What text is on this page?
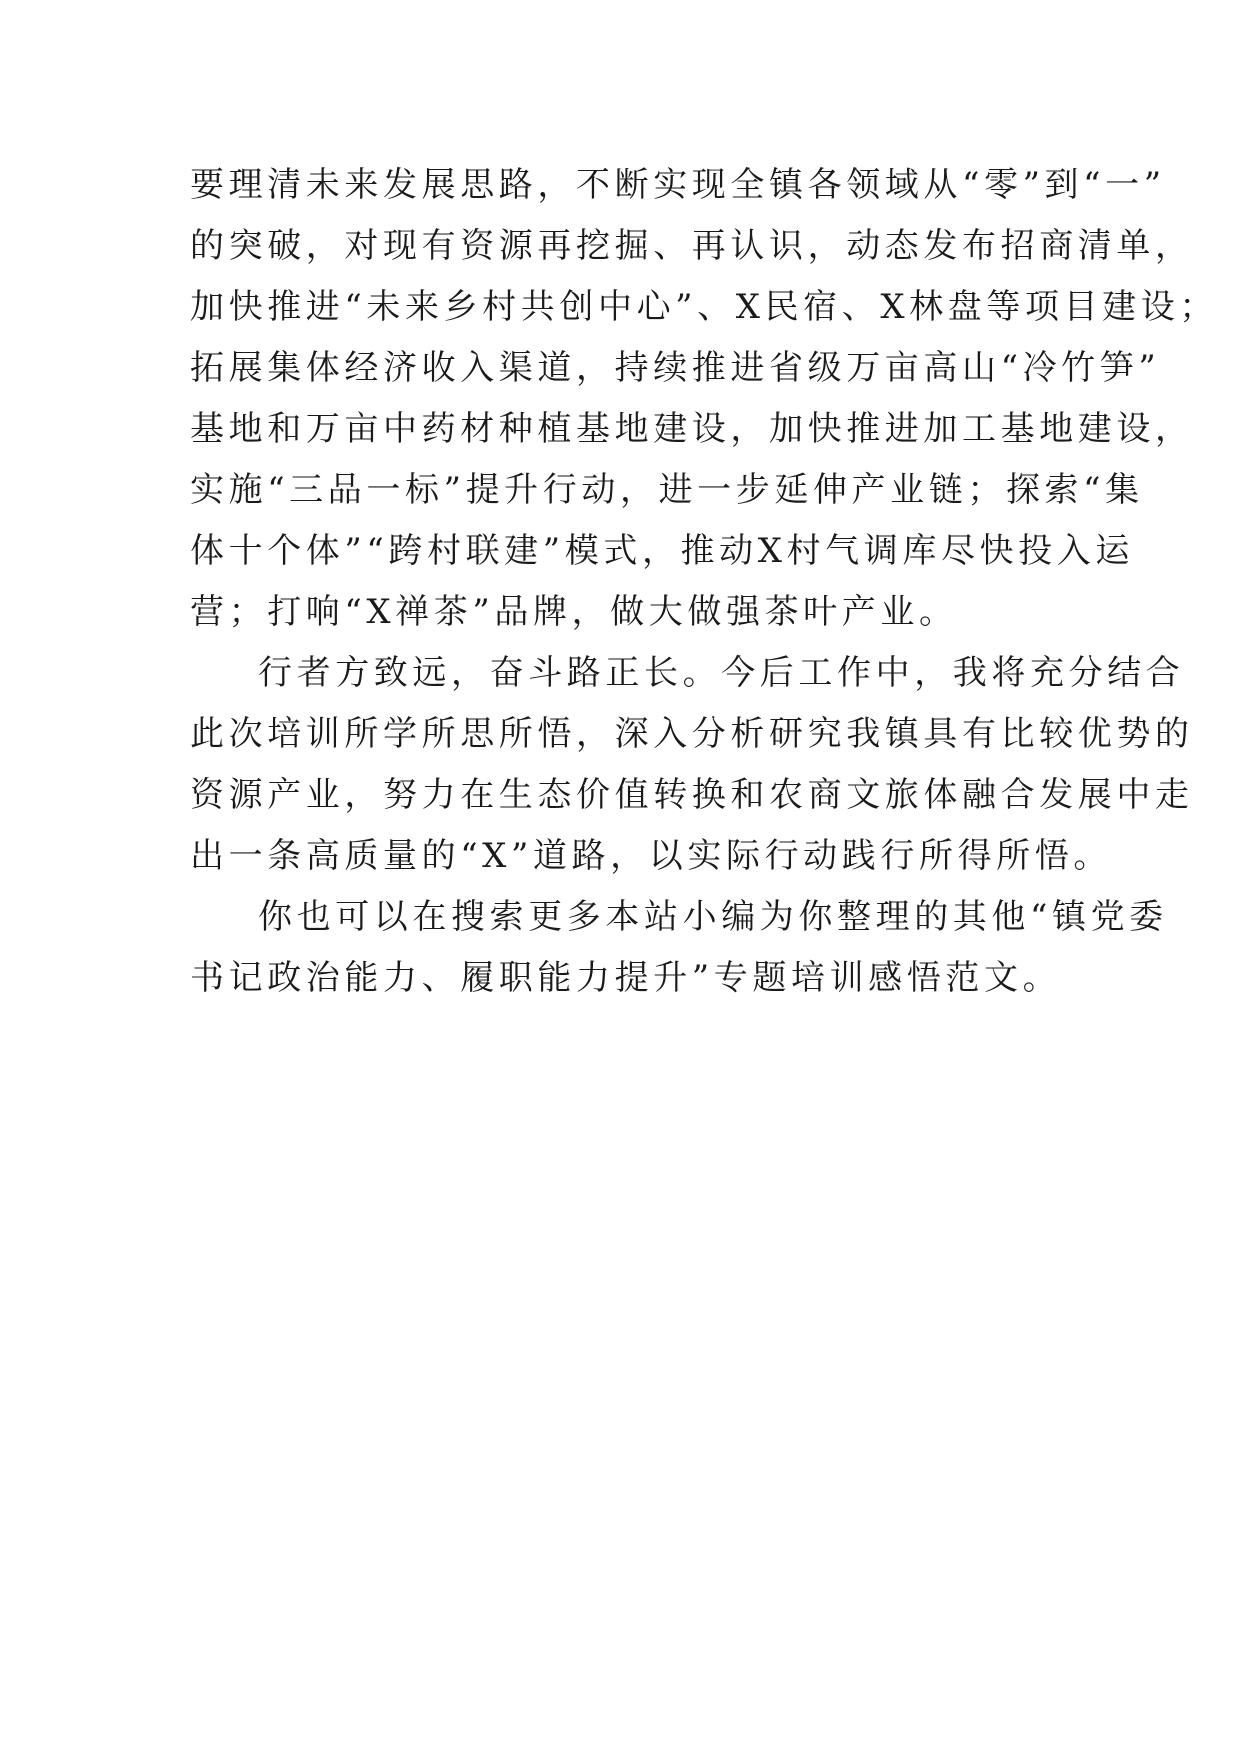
要理清未来发展思路，不断实现全镇各领域从“零”到“一”
的突破，对现有资源再挖掘、再认识，动态发布招商清单，
加快推进“未来乡村共创中心”、X民宿、X林盘等项目建设；
拓展集体经济收入渠道，持续推进省级万亩高山“冷竹笋”
基地和万亩中药材种植基地建设，加快推进加工基地建设，
实施“三品一标”提升行动，进一步延伸产业链；探索“集
体十个体”“跨村联建”模式，推动X村气调库尽快投入运
营；打响“X禅茶”品牌，做大做强茶叶产业。
行者方致远，奋斗路正长。今后工作中，我将充分结合
此次培训所学所思所悟，深入分析研究我镇具有比较优势的
资源产业，努力在生态价值转换和农商文旅体融合发展中走
出一条高质量的“X”道路，以实际行动践行所得所悟。
你也可以在搜索更多本站小编为你整理的其他“镇党委
书记政治能力、履职能力提升”专题培训感悟范文。
